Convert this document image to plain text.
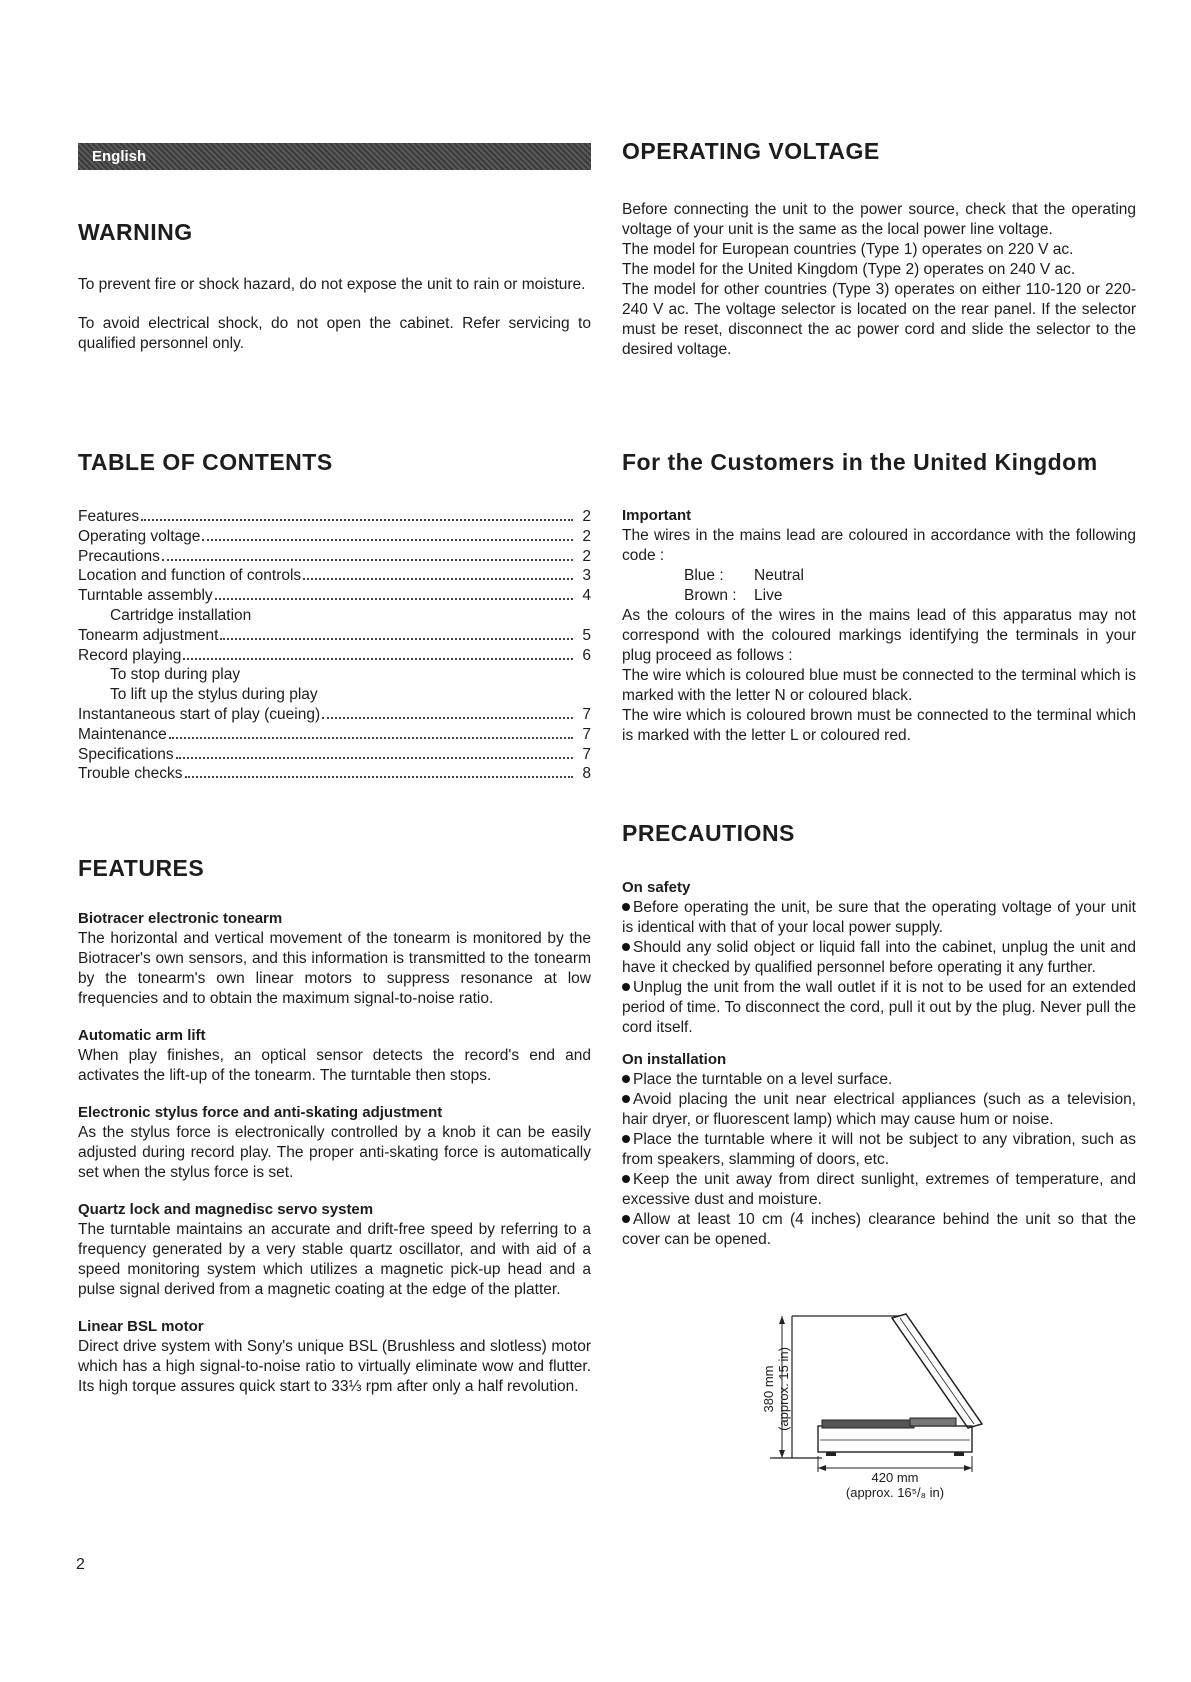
English
WARNING

To prevent fire or shock hazard, do not expose the unit to rain or moisture.

To avoid electrical shock, do not open the cabinet. Refer servicing to qualified personnel only.

TABLE OF CONTENTS
Features	2
Operating voltage	2
Precautions	2
Location and function of controls	3
Turntable assembly	4
Cartridge installation
Tonearm adjustment	5
Record playing	6
To stop during play
To lift up the stylus during play
Instantaneous start of play (cueing)	7
Maintenance	7
Specifications	7
Trouble checks	8
FEATURES

Biotracer electronic tonearm

The horizontal and vertical movement of the tonearm is monitored by the Biotracer's own sensors, and this information is transmitted to the tonearm by the tonearm's own linear motors to suppress resonance at low frequencies and to obtain the maximum signal-to-noise ratio.

Automatic arm lift

When play finishes, an optical sensor detects the record's end and activates the lift-up of the tonearm. The turntable then stops.

Electronic stylus force and anti-skating adjustment

As the stylus force is electronically controlled by a knob it can be easily adjusted during record play. The proper anti-skating force is automatically set when the stylus force is set.

Quartz lock and magnedisc servo system

The turntable maintains an accurate and drift-free speed by referring to a frequency generated by a very stable quartz oscillator, and with aid of a speed monitoring system which utilizes a magnetic pick-up head and a pulse signal derived from a magnetic coating at the edge of the platter.

Linear BSL motor

Direct drive system with Sony's unique BSL (Brushless and slotless) motor which has a high signal-to-noise ratio to virtually eliminate wow and flutter. Its high torque assures quick start to 33⅓ rpm after only a half revolution.

OPERATING VOLTAGE

Before connecting the unit to the power source, check that the operating voltage of your unit is the same as the local power line voltage.

The model for European countries (Type 1) operates on 220 V ac.

The model for the United Kingdom (Type 2) operates on 240 V ac.

The model for other countries (Type 3) operates on either 110-120 or 220-240 V ac. The voltage selector is located on the rear panel. If the selector must be reset, disconnect the ac power cord and slide the selector to the desired voltage.

For the Customers in the United Kingdom

Important

The wires in the mains lead are coloured in accordance with the following code :

Blue : Neutral
Brown : Live

As the colours of the wires in the mains lead of this apparatus may not correspond with the coloured markings identifying the terminals in your plug proceed as follows :

The wire which is coloured blue must be connected to the terminal which is marked with the letter N or coloured black.

The wire which is coloured brown must be connected to the terminal which is marked with the letter L or coloured red.

PRECAUTIONS

On safety

Before operating the unit, be sure that the operating voltage of your unit is identical with that of your local power supply.

Should any solid object or liquid fall into the cabinet, unplug the unit and have it checked by qualified personnel before operating it any further.

Unplug the unit from the wall outlet if it is not to be used for an extended period of time. To disconnect the cord, pull it out by the plug. Never pull the cord itself.

On installation

Place the turntable on a level surface.

Avoid placing the unit near electrical appliances (such as a television, hair dryer, or fluorescent lamp) which may cause hum or noise.

Place the turntable where it will not be subject to any vibration, such as from speakers, slamming of doors, etc.

Keep the unit away from direct sunlight, extremes of temperature, and excessive dust and moisture.

Allow at least 10 cm (4 inches) clearance behind the unit so that the cover can be opened.

380 mm (approx. 15 in)
420 mm
(approx. 16⁵/₈ in)
2
